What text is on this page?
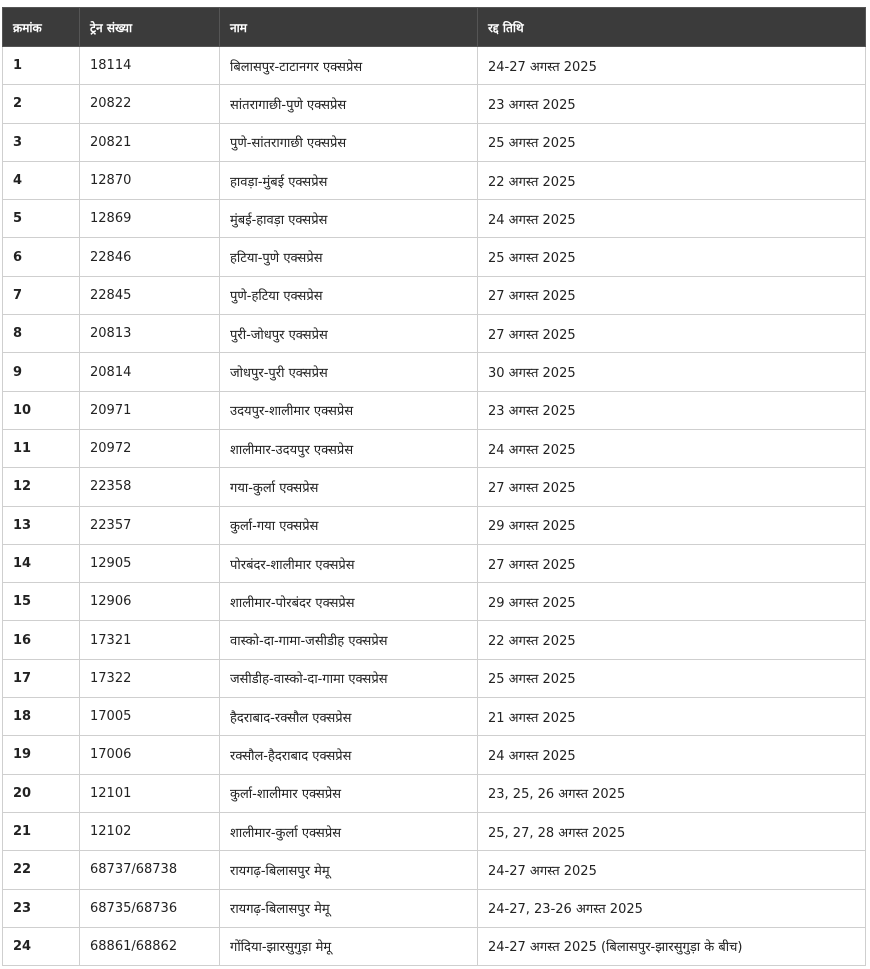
क्रमांक	ट्रेन संख्या	नाम	रद्द तिथि
1	18114	बिलासपुर-टाटानगर एक्सप्रेस	24-27 अगस्त 2025
2	20822	सांतरागाछी-पुणे एक्सप्रेस	23 अगस्त 2025
3	20821	पुणे-सांतरागाछी एक्सप्रेस	25 अगस्त 2025
4	12870	हावड़ा-मुंबई एक्सप्रेस	22 अगस्त 2025
5	12869	मुंबई-हावड़ा एक्सप्रेस	24 अगस्त 2025
6	22846	हटिया-पुणे एक्सप्रेस	25 अगस्त 2025
7	22845	पुणे-हटिया एक्सप्रेस	27 अगस्त 2025
8	20813	पुरी-जोधपुर एक्सप्रेस	27 अगस्त 2025
9	20814	जोधपुर-पुरी एक्सप्रेस	30 अगस्त 2025
10	20971	उदयपुर-शालीमार एक्सप्रेस	23 अगस्त 2025
11	20972	शालीमार-उदयपुर एक्सप्रेस	24 अगस्त 2025
12	22358	गया-कुर्ला एक्सप्रेस	27 अगस्त 2025
13	22357	कुर्ला-गया एक्सप्रेस	29 अगस्त 2025
14	12905	पोरबंदर-शालीमार एक्सप्रेस	27 अगस्त 2025
15	12906	शालीमार-पोरबंदर एक्सप्रेस	29 अगस्त 2025
16	17321	वास्को-दा-गामा-जसीडीह एक्सप्रेस	22 अगस्त 2025
17	17322	जसीडीह-वास्को-दा-गामा एक्सप्रेस	25 अगस्त 2025
18	17005	हैदराबाद-रक्सौल एक्सप्रेस	21 अगस्त 2025
19	17006	रक्सौल-हैदराबाद एक्सप्रेस	24 अगस्त 2025
20	12101	कुर्ला-शालीमार एक्सप्रेस	23, 25, 26 अगस्त 2025
21	12102	शालीमार-कुर्ला एक्सप्रेस	25, 27, 28 अगस्त 2025
22	68737/68738	रायगढ़-बिलासपुर मेमू	24-27 अगस्त 2025
23	68735/68736	रायगढ़-बिलासपुर मेमू	24-27, 23-26 अगस्त 2025
24	68861/68862	गोंदिया-झारसुगुड़ा मेमू	24-27 अगस्त 2025 (बिलासपुर-झारसुगुड़ा के बीच)
